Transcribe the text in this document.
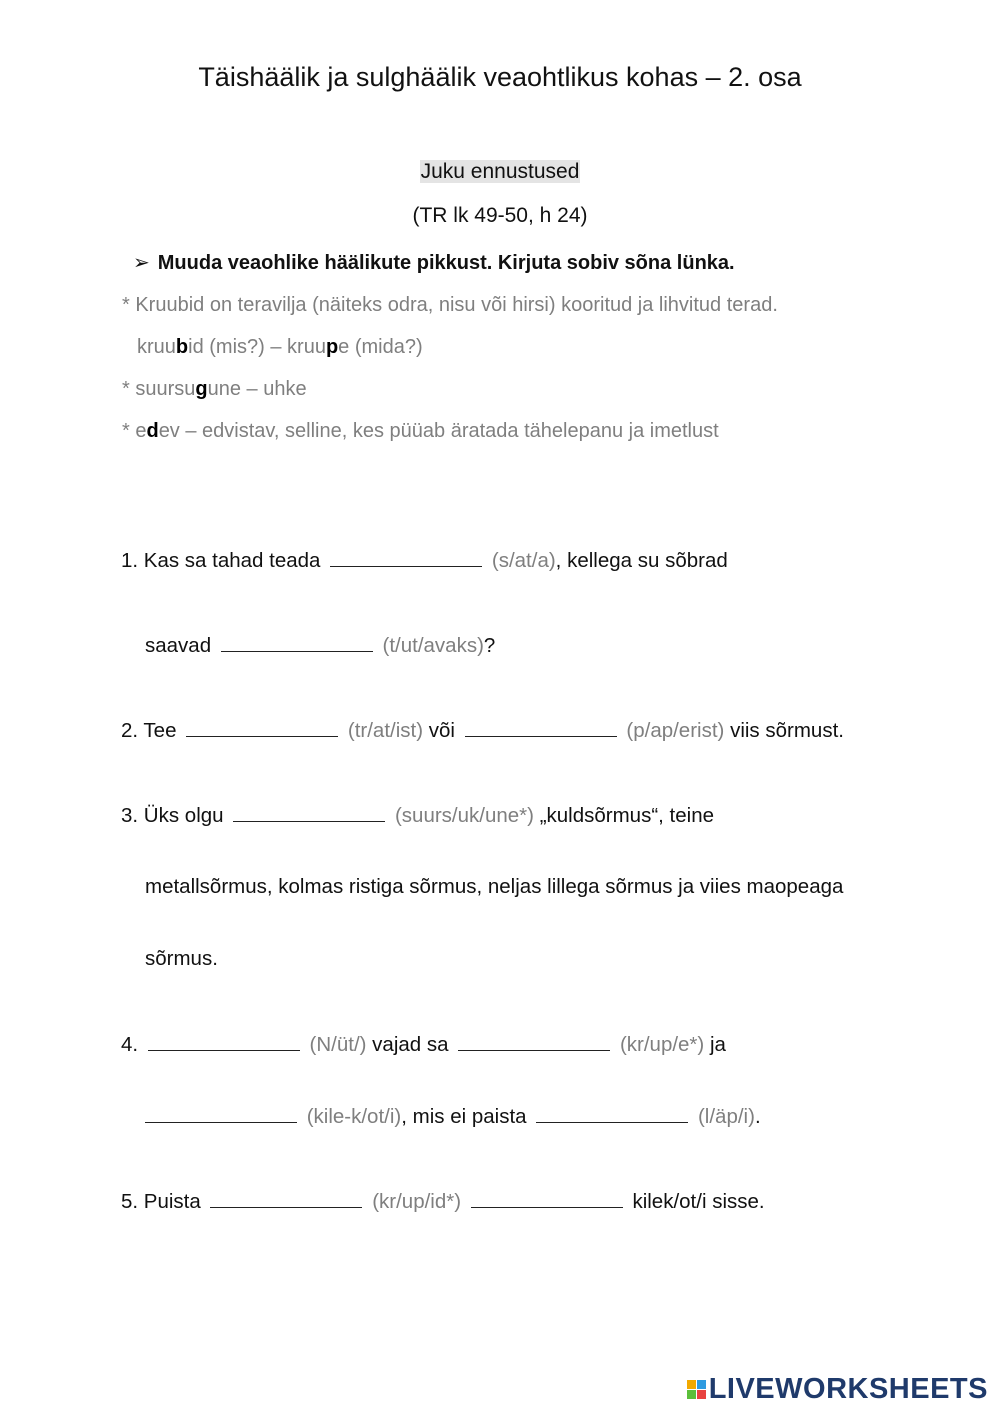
Täishäälik ja sulghäälik veaohtlikus kohas – 2. osa
Juku ennustused
(TR lk 49-50, h 24)
➢ Muuda veaohlike häälikute pikkust. Kirjuta sobiv sõna lünka.
* Kruubid on teravilja (näiteks odra, nisu või hirsi) kooritud ja lihvitud terad.
kruubid (mis?) – kruupe (mida?)
* suursugune – uhke
* edev – edvistav, selline, kes püüab äratada tähelepanu ja imetlust
1. Kas sa tahad teada	(s/at/a), kellega su sõbrad
saavad	(t/ut/avaks)?
2. Tee	(tr/at/ist) või	(p/ap/erist) viis sõrmust.
3. Üks olgu	(suurs/uk/une*) „kuldsõrmus“, teine
metallsõrmus, kolmas ristiga sõrmus, neljas lillega sõrmus ja viies maopeaga
sõrmus.
4.	(N/üt/) vajad sa	(kr/up/e*) ja
(kile-k/ot/i), mis ei paista	(l/äp/i).
5. Puista	(kr/up/id*)	kilek/ot/i sisse.
LIVEWORKSHEETS
